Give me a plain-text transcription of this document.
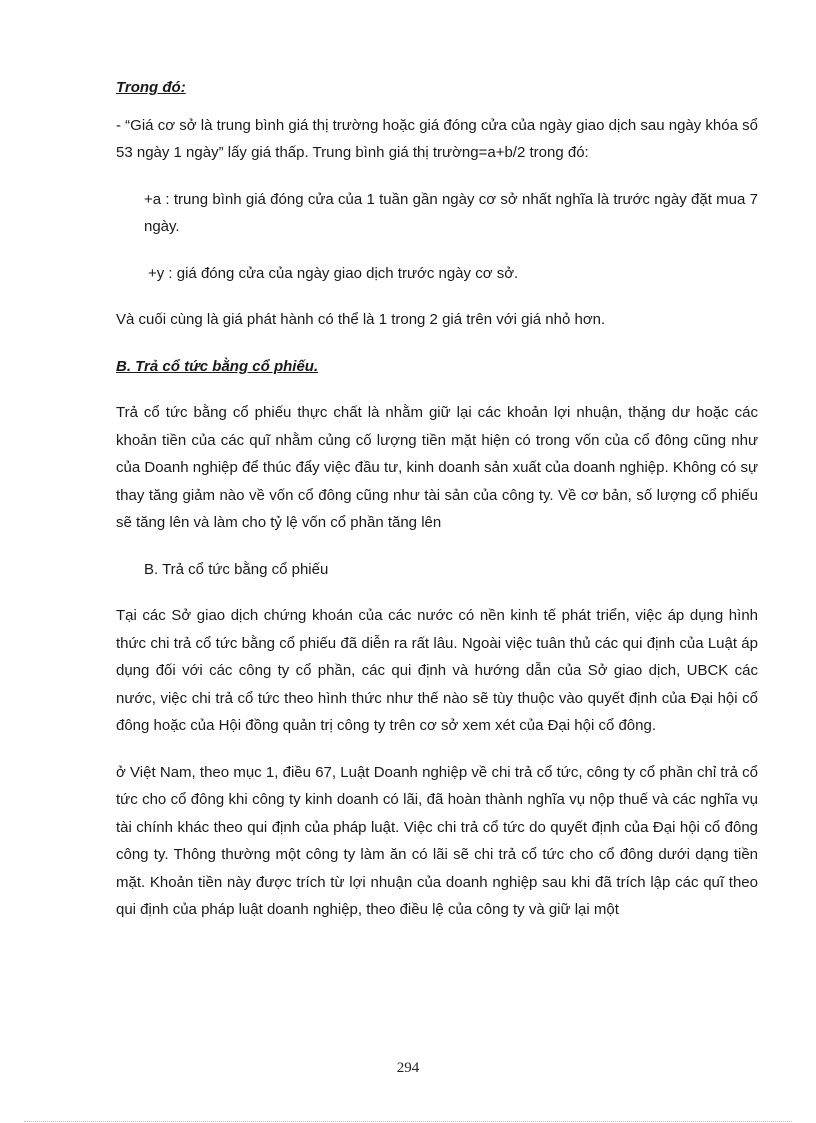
Trong đó:

- “Giá cơ sở là trung bình giá thị trường hoặc giá đóng cửa của ngày giao dịch sau ngày khóa sổ 53 ngày 1 ngày” lấy giá thấp. Trung bình giá thị trường=a+b/2 trong đó:

+a : trung bình giá đóng cửa của 1 tuần gần ngày cơ sở nhất nghĩa là trước ngày đặt mua 7 ngày.

+y : giá đóng cửa của ngày giao dịch trước ngày cơ sở.

Và cuối cùng là giá phát hành có thể là 1 trong 2 giá trên với giá nhỏ hơn.

B. Trả cổ tức bằng cổ phiếu.

Trả cổ tức bằng cổ phiếu thực chất là nhằm giữ lại các khoản lợi nhuận, thặng dư hoặc các khoản tiền của các quĩ nhằm củng cố lượng tiền mặt hiện có trong vốn của cổ đông cũng như của Doanh nghiệp để thúc đẩy việc đầu tư, kinh doanh sản xuất của doanh nghiệp. Không có sự thay tăng giảm nào về vốn cổ đông cũng như tài sản của công ty. Về cơ bản, số lượng cổ phiếu sẽ tăng lên và làm cho tỷ lệ vốn cổ phần tăng lên

B. Trả cổ tức bằng cổ phiếu

Tại các Sở giao dịch chứng khoán của các nước có nền kinh tế phát triển, việc áp dụng hình thức chi trả cổ tức bằng cổ phiếu đã diễn ra rất lâu. Ngoài việc tuân thủ các qui định của Luật áp dụng đối với các công ty cổ phần, các qui định và hướng dẫn của Sở giao dịch, UBCK các nước, việc chi trả cổ tức theo hình thức như thế nào sẽ tùy thuộc vào quyết định của Đại hội cổ đông hoặc của Hội đồng quản trị công ty trên cơ sở xem xét của Đại hội cổ đông.

ở Việt Nam, theo mục 1, điều 67, Luật Doanh nghiệp về chi trả cổ tức, công ty cổ phần chỉ trả cổ tức cho cổ đông khi công ty kinh doanh có lãi, đã hoàn thành nghĩa vụ nộp thuế và các nghĩa vụ tài chính khác theo qui định của pháp luật. Việc chi trả cổ tức do quyết định của Đại hội cổ đông công ty. Thông thường một công ty làm ăn có lãi sẽ chi trả cổ tức cho cổ đông dưới dạng tiền mặt. Khoản tiền này được trích từ lợi nhuận của doanh nghiệp sau khi đã trích lập các quĩ theo qui định của pháp luật doanh nghiệp, theo điều lệ của công ty và giữ lại một

294
